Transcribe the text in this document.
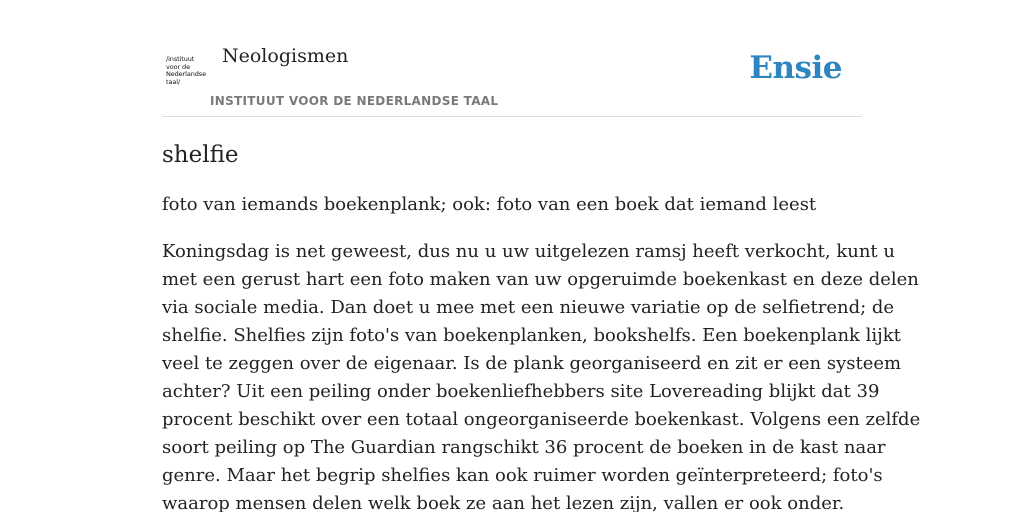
/instituut
voor de
Nederlandse
taal/
Neologismen
INSTITUUT VOOR DE NEDERLANDSE TAAL
Ensie
shelfie

foto van iemands boekenplank; ook: foto van een boek dat iemand leest

Koningsdag is net geweest, dus nu u uw uitgelezen ramsj heeft verkocht, kunt u
met een gerust hart een foto maken van uw opgeruimde boekenkast en deze delen
via sociale media. Dan doet u mee met een nieuwe variatie op de selfietrend; de
shelfie. Shelfies zijn foto's van boekenplanken, bookshelfs. Een boekenplank lijkt
veel te zeggen over de eigenaar. Is de plank georganiseerd en zit er een systeem
achter? Uit een peiling onder boekenliefhebbers site Lovereading blijkt dat 39
procent beschikt over een totaal ongeorganiseerde boekenkast. Volgens een zelfde
soort peiling op The Guardian rangschikt 36 procent de boeken in de kast naar
genre. Maar het begrip shelfies kan ook ruimer worden geïnterpreteerd; foto's
waarop mensen delen welk boek ze aan het lezen zijn, vallen er ook onder.
